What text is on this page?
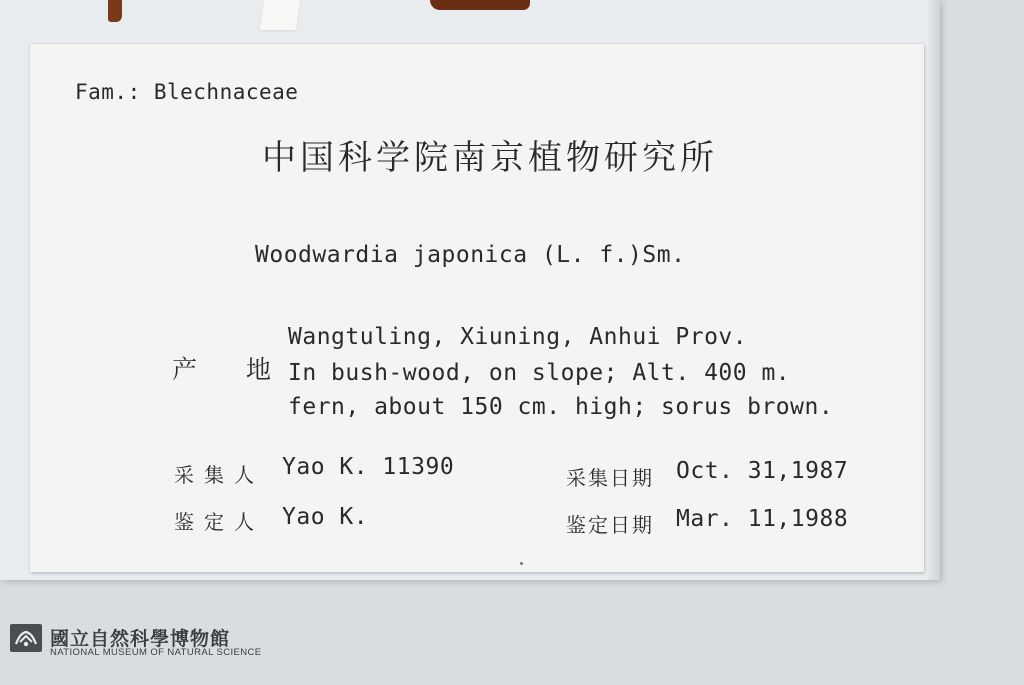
Fam.: Blechnaceae
中国科学院南京植物研究所
Woodwardia japonica (L. f.)Sm.
产 地
Wangtuling, Xiuning, Anhui Prov.
In bush-wood, on slope; Alt. 400 m.
fern, about 150 cm. high; sorus brown.
采集人 Yao K. 11390	采集日期 Oct. 31,1987
鉴定人 Yao K.	鉴定日期 Mar. 11,1988
國立自然科學博物館
NATIONAL MUSEUM OF NATURAL SCIENCE
